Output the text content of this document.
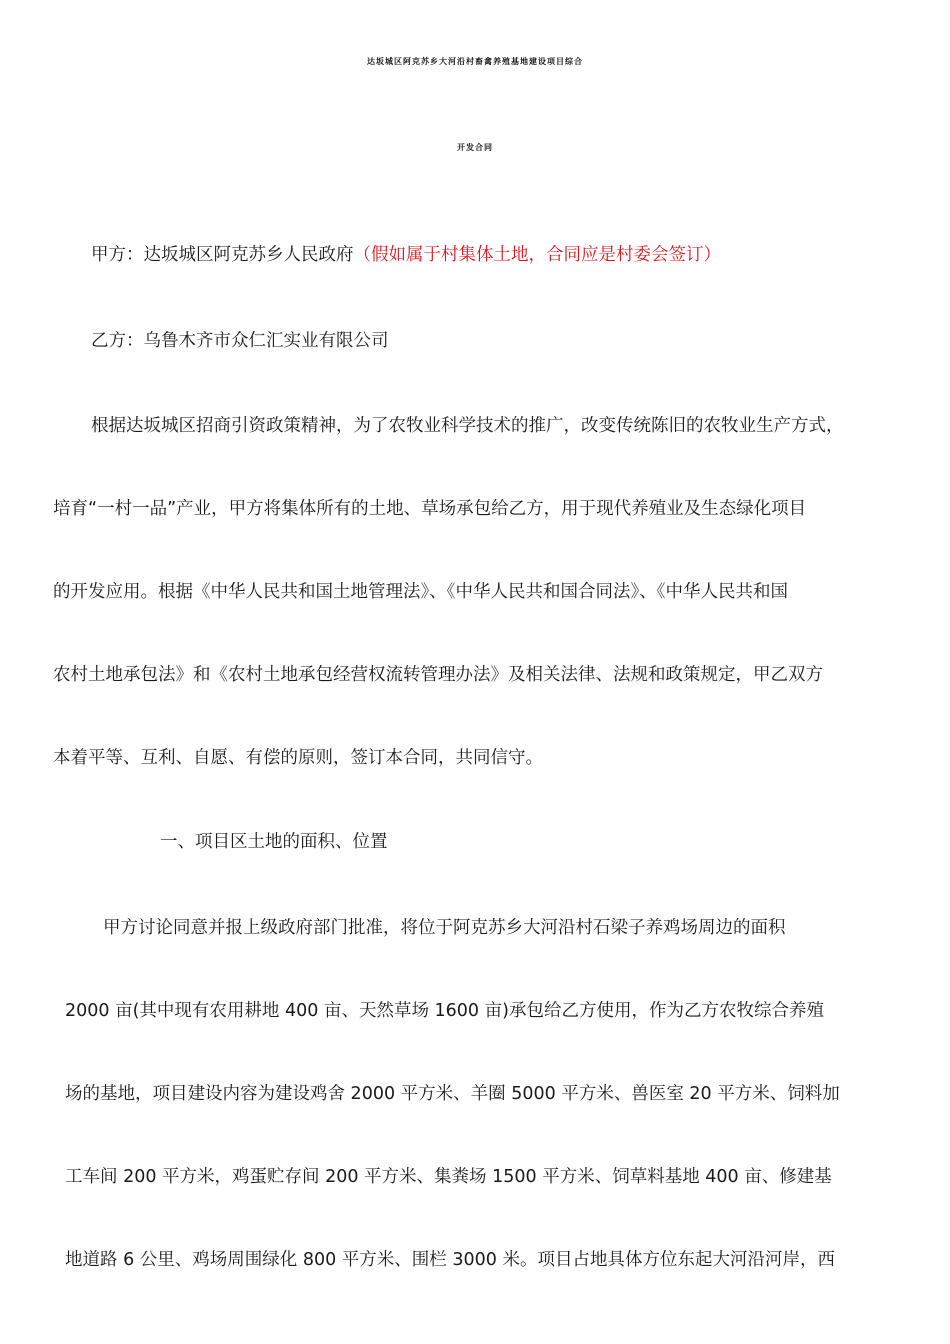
达坂城区阿克苏乡大河沿村畜禽养殖基地建设项目综合
开发合同
甲方：达坂城区阿克苏乡人民政府（假如属于村集体土地，合同应是村委会签订）
乙方：乌鲁木齐市众仁汇实业有限公司
根据达坂城区招商引资政策精神，为了农牧业科学技术的推广，改变传统陈旧的农牧业生产方式，
培育“一村一品”产业，甲方将集体所有的土地、草场承包给乙方，用于现代养殖业及生态绿化项目
的开发应用。根据《中华人民共和国土地管理法》、《中华人民共和国合同法》、《中华人民共和国
农村土地承包法》和《农村土地承包经营权流转管理办法》及相关法律、法规和政策规定，甲乙双方
本着平等、互利、自愿、有偿的原则，签订本合同，共同信守。
一、项目区土地的面积、位置
甲方讨论同意并报上级政府部门批准，将位于阿克苏乡大河沿村石梁子养鸡场周边的面积
2000 亩(其中现有农用耕地 400 亩、天然草场 1600 亩)承包给乙方使用，作为乙方农牧综合养殖
场的基地，项目建设内容为建设鸡舍 2000 平方米、羊圈 5000 平方米、兽医室 20 平方米、饲料加
工车间 200 平方米，鸡蛋贮存间 200 平方米、集粪场 1500 平方米、饲草料基地 400 亩、修建基
地道路 6 公里、鸡场周围绿化 800 平方米、围栏 3000 米。项目占地具体方位东起大河沿河岸，西
